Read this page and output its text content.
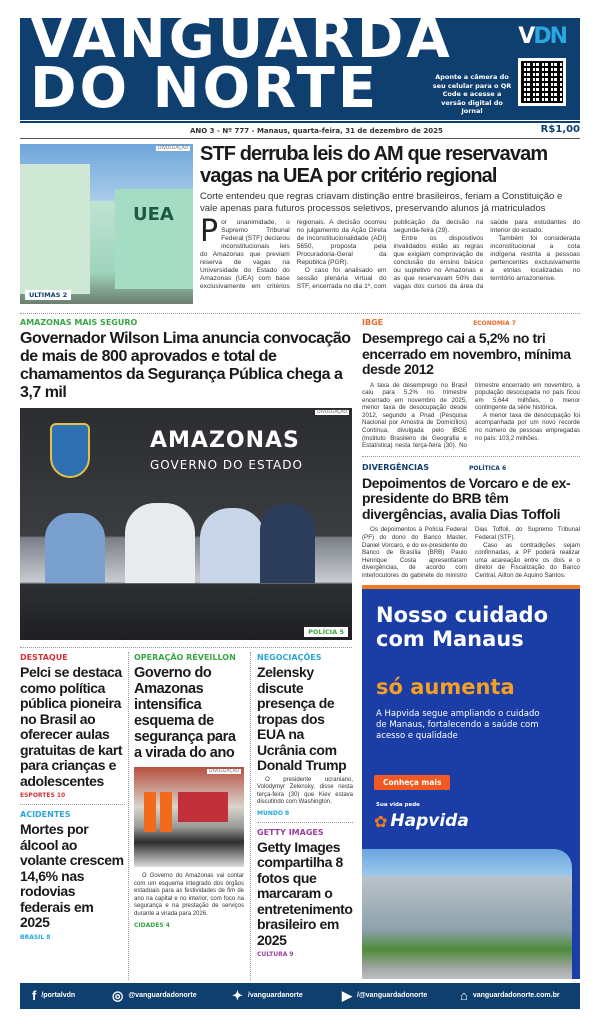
VANGUARDA
DO NORTE
VDN
Aponte a câmera do seu celular para o QR Code e acesse a versão digital do Jornal
ANO 3 - Nº 777 - Manaus, quarta-feira, 31 de dezembro de 2025	R$1,00
UEA
DIVULGAÇÃO
ULTIMAS 2
STF derruba leis do AM que reservavam vagas na UEA por critério regional
Corte entendeu que regras criavam distinção entre brasileiros, feriam a Constituição e vale apenas para futuros processos seletivos, preservando alunos já matriculados
P or unanimidade, o Supremo Tribunal Federal (STF) declarou inconstitucionais leis do Amazonas que previam reserva de vagas na Universidade do Estado do Amazonas (UEA) com base exclusivamente em critérios regionais. A decisão ocorreu no julgamento da Ação Direta de Inconstitucionalidade (ADI) 5650, proposta pela Procuradoria-Geral da República (PGR).

O caso foi analisado em sessão plenária virtual do STF, encerrada no dia 1º, com publicação da decisão na segunda-feira (29).

Entre os dispositivos invalidados estão as regras que exigiam comprovação de conclusão do ensino básico ou supletivo no Amazonas e as que reservavam 50% das vagas dos cursos da área da saúde para estudantes do interior do estado.

Também foi considerada inconstitucional a cota indígena restrita a pessoas pertencentes exclusivamente a etnias localizadas no território amazonense.

AMAZONAS MAIS SEGURO
Governador Wilson Lima anuncia convocação de mais de 800 aprovados e total de chamamentos da Segurança Pública chega a 3,7 mil
AMAZONAS
GOVERNO DO ESTADO
DIVULGAÇÃO
POLÍCIA 5
IBGE	ECONOMIA 7
Desemprego cai a 5,2% no tri encerrado em novembro, mínima desde 2012

A taxa de desemprego no Brasil caiu para 5,2% no trimestre encerrado em novembro de 2025, menor taxa de desocupação desde 2012, segundo a Pnad (Pesquisa Nacional por Amostra de Domicílios) Contínua, divulgada pelo IBGE (Instituto Brasileiro de Geografia e Estatística) nesta terça-feira (30). No trimestre encerrado em novembro, a população desocupada no país ficou em 5,644 milhões, o menor contingente da série histórica.

A menor taxa de desocupação foi acompanhada por um novo recorde no número de pessoas empregadas no país: 103,2 milhões.

DIVERGÊNCIAS	POLÍTICA 6
Depoimentos de Vorcaro e de ex-presidente do BRB têm divergências, avalia Dias Toffoli

Os depoimentos à Polícia Federal (PF) do dono do Banco Master, Daniel Vorcaro, e do ex-presidente do Banco de Brasília (BRB) Paulo Henrique Costa apresentaram divergências, de acordo com interlocutores do gabinete do ministro Dias Toffoli, do Supremo Tribunal Federal (STF).

Caso as contradições sejam confirmadas, a PF poderá realizar uma acareação entre os dois e o diretor de Fiscalização do Banco Central, Ailton de Aquino Santos.

Nosso cuidado com Manaus
só aumenta
A Hapvida segue ampliando o cuidado de Manaus, fortalecendo a saúde com acesso e qualidade
Conheça mais
Sua vida pede
✿ Hapvida
DESTAQUE
Pelci se destaca como política pública pioneira no Brasil ao oferecer aulas gratuitas de kart para crianças e adolescentes
ESPORTES 10
ACIDENTES
Mortes por álcool ao volante crescem 14,6% nas rodovias federais em 2025
BRASIL 8
OPERAÇÃO RÉVEILLON
Governo do Amazonas intensifica esquema de segurança para a virada do ano
DIVULGAÇÃO

O Governo do Amazonas vai contar com um esquema integrado dos órgãos estaduais para as festividades de fim de ano na capital e no interior, com foco na segurança e na prestação de serviços durante a virada para 2026.

CIDADES 4
NEGOCIAÇÕES
Zelensky discute presença de tropas dos EUA na Ucrânia com Donald Trump

O presidente ucraniano, Volodymyr Zelensky, disse nesta terça-feira (30) que Kiev estava discutindo com Washington.

MUNDO 8
GETTY IMAGES
Getty Images compartilha 8 fotos que marcaram o entretenimento brasileiro em 2025
CULTURA 9
f /portalvdn	◎ @vanguardadonorte	✦ /vanguardanorte	▶ /@vanguardadonorte	⌂ vanguardadonorte.com.br
